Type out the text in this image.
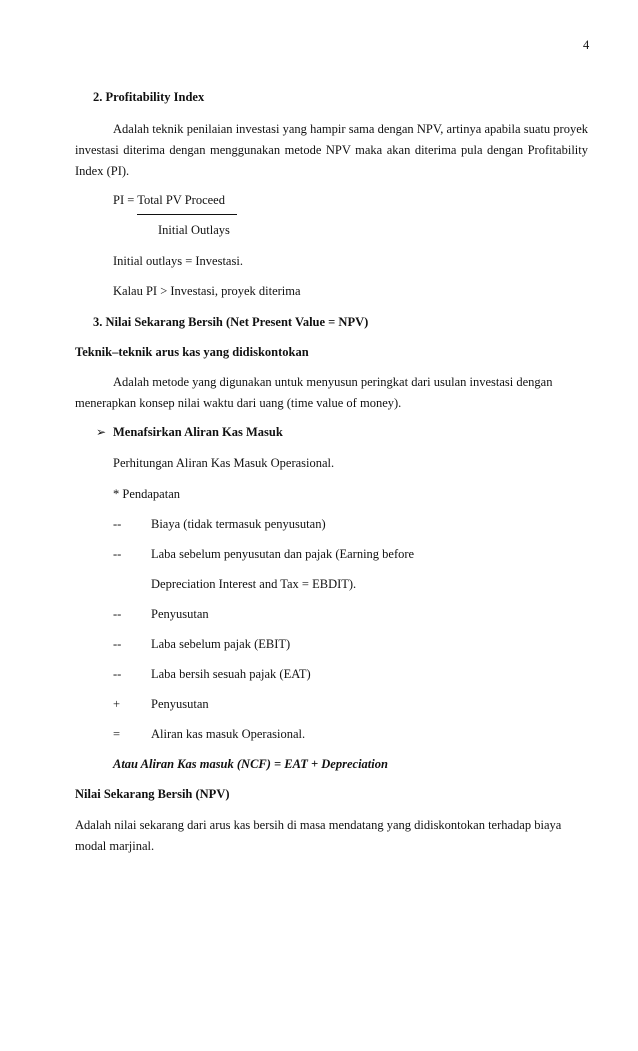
4
2. Profitability Index
Adalah teknik penilaian investasi yang hampir sama dengan NPV, artinya apabila suatu proyek
investasi diterima dengan menggunakan metode NPV maka akan diterima pula dengan Profitability
Index (PI).
PI = Total PV Proceed
Initial Outlays
Initial outlays = Investasi.
Kalau PI > Investasi, proyek diterima
3. Nilai Sekarang Bersih (Net Present Value = NPV)
Teknik–teknik arus kas yang didiskontokan
Adalah metode yang digunakan untuk menyusun peringkat dari usulan investasi dengan
menerapkan konsep nilai waktu dari uang (time value of money).
➢ Menafsirkan Aliran Kas Masuk
Perhitungan Aliran Kas Masuk Operasional.
* Pendapatan
-- Biaya (tidak termasuk penyusutan)
-- Laba sebelum penyusutan dan pajak (Earning before
Depreciation Interest and Tax = EBDIT).
-- Penyusutan
-- Laba sebelum pajak (EBIT)
-- Laba bersih sesuah pajak (EAT)
+ Penyusutan
= Aliran kas masuk Operasional.
Atau Aliran Kas masuk (NCF) = EAT + Depreciation
Nilai Sekarang Bersih (NPV)
Adalah nilai sekarang dari arus kas bersih di masa mendatang yang didiskontokan terhadap biaya
modal marjinal.
